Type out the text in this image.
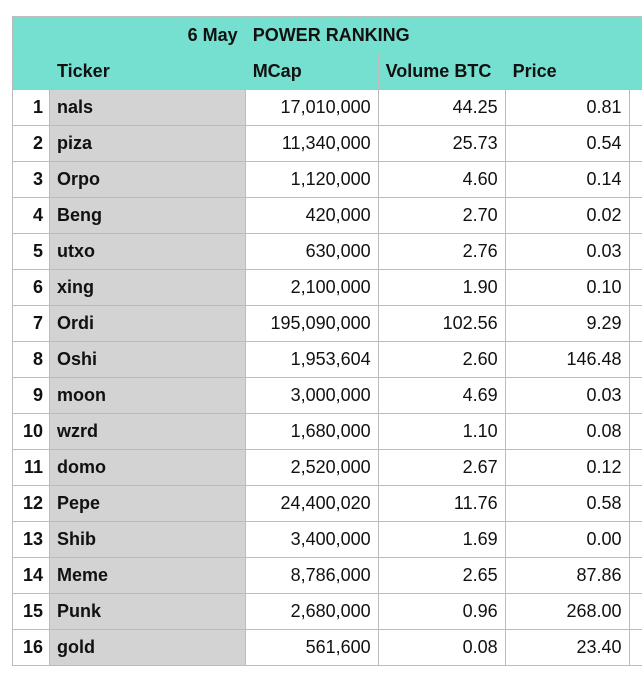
	6 May	POWER RANKING			
	Ticker	MCap	Volume BTC	Price	
1	nals	17,010,000	44.25	0.81	
2	piza	11,340,000	25.73	0.54	
3	Orpo	1,120,000	4.60	0.14	
4	Beng	420,000	2.70	0.02	
5	utxo	630,000	2.76	0.03	
6	xing	2,100,000	1.90	0.10	
7	Ordi	195,090,000	102.56	9.29	
8	Oshi	1,953,604	2.60	146.48	
9	moon	3,000,000	4.69	0.03	
10	wzrd	1,680,000	1.10	0.08	
11	domo	2,520,000	2.67	0.12	
12	Pepe	24,400,020	11.76	0.58	
13	Shib	3,400,000	1.69	0.00	
14	Meme	8,786,000	2.65	87.86	
15	Punk	2,680,000	0.96	268.00	
16	gold	561,600	0.08	23.40	
